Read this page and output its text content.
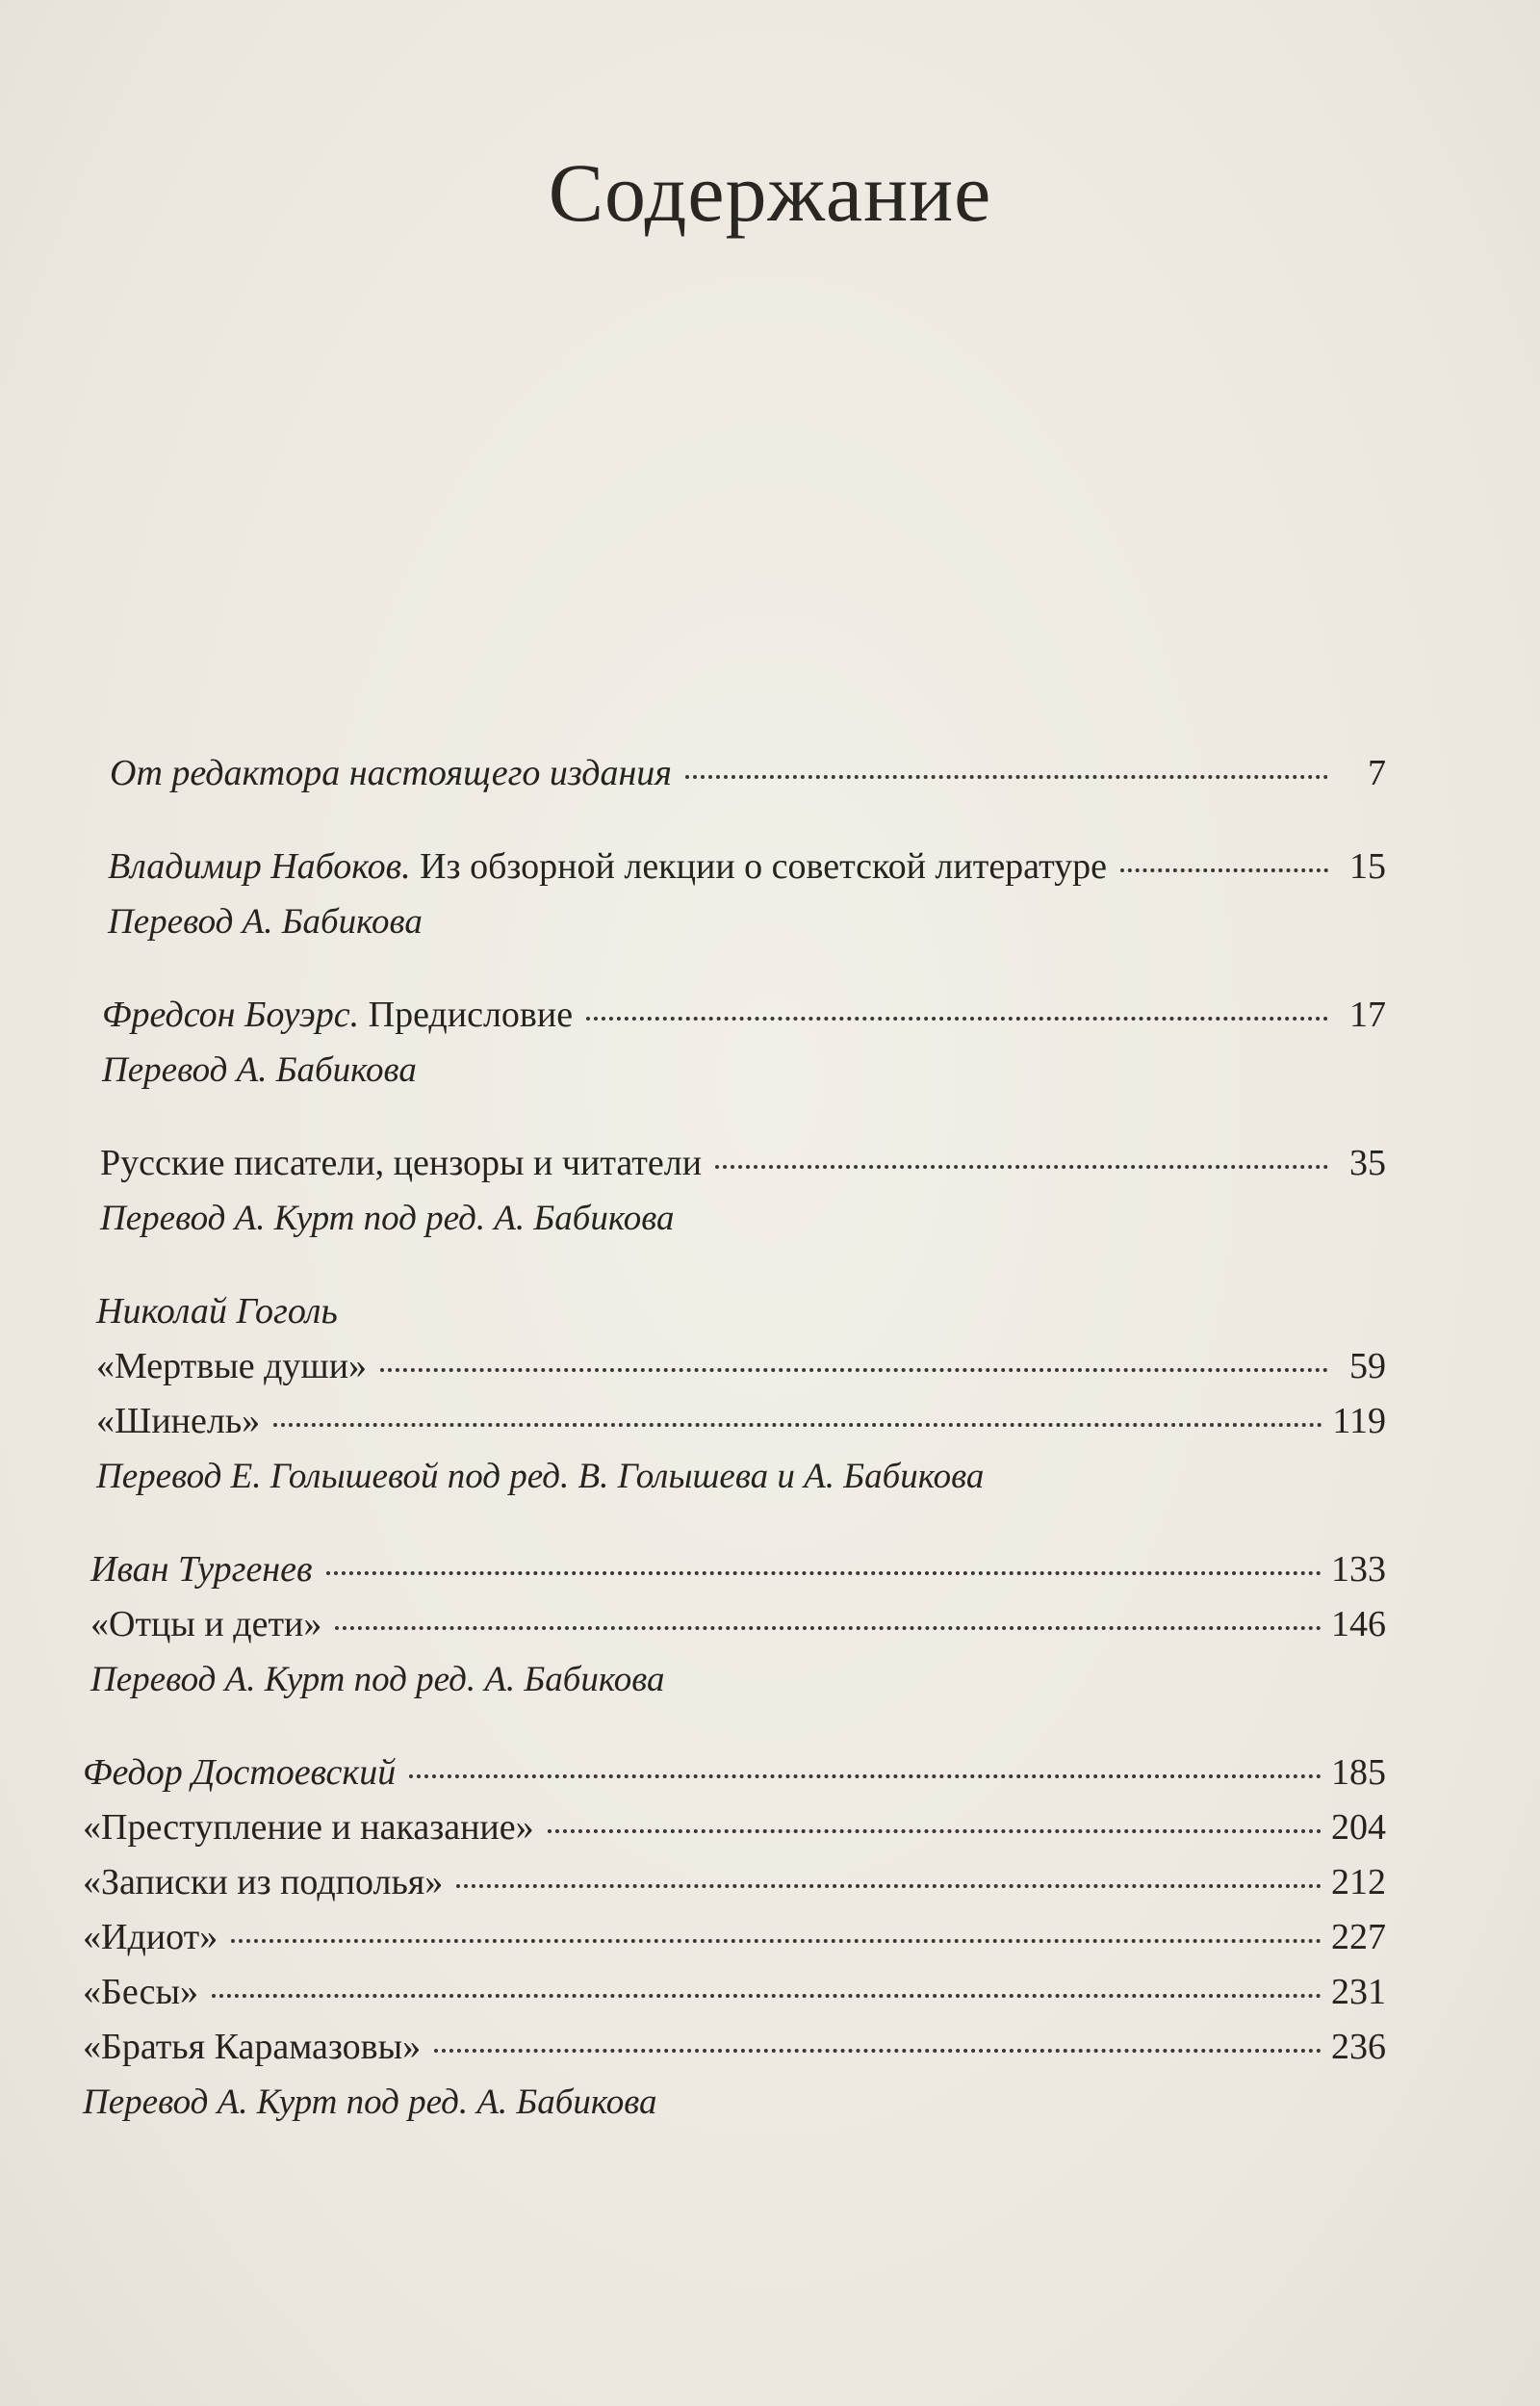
Содержание
От редактора настоящего издания	7
Владимир Набоков. Из обзорной лекции о советской литературе	15
Перевод А. Бабикова
Фредсон Боуэрс. Предисловие	17
Перевод А. Бабикова
Русские писатели, цензоры и читатели	35
Перевод А. Курт под ред. А. Бабикова
Николай Гоголь
«Мертвые души»	59
«Шинель»	119
Перевод Е. Голышевой под ред. В. Голышева и А. Бабикова
Иван Тургенев	133
«Отцы и дети»	146
Перевод А. Курт под ред. А. Бабикова
Федор Достоевский	185
«Преступление и наказание»	204
«Записки из подполья»	212
«Идиот»	227
«Бесы»	231
«Братья Карамазовы»	236
Перевод А. Курт под ред. А. Бабикова
